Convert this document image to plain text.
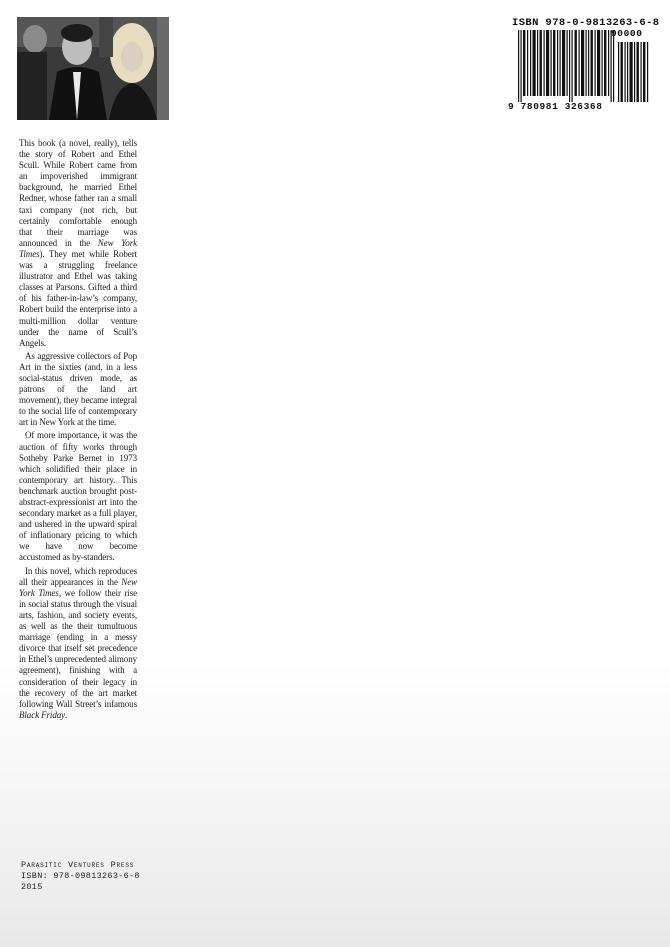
ISBN 978-0-9813263-6-8
90000
9 780981 326368

This book (a novel, really), tells the story of Robert and Ethel Scull. While Robert came from an impoverished immigrant background, he married Ethel Redner, whose father ran a small taxi company (not rich, but certainly comfortable enough that their marriage was announced in the New York Times). They met while Robert was a struggling freelance illustrator and Ethel was taking classes at Parsons. Gifted a third of his father-in-law’s company, Robert build the enterprise into a multi-million dollar venture under the name of Scull’s Angels.

As aggressive collectors of Pop Art in the sixties (and, in a less social-status driven mode, as patrons of the land art movement), they became integral to the social life of contemporary art in New York at the time.

Of more importance, it was the auction of fifty works through Sotheby Parke Bernet in 1973 which solidified their place in contemporary art history. This benchmark auction brought post-abstract-expressionist art into the secondary market as a full player, and ushered in the upward spiral of inflationary pricing to which we have now become accustomed as by-standers.

In this novel, which reproduces all their appearances in the New York Times, we follow their rise in social status through the visual arts, fashion, and society events, as well as the their tumultuous marriage (ending in a messy divorce that itself set precedence in Ethel’s unprecedented alimony agreement), finishing with a consideration of their legacy in the recovery of the art market following Wall Street’s infamous Black Friday.

Parasitic Ventures Press
ISBN: 978-09813263-6-8
2015
